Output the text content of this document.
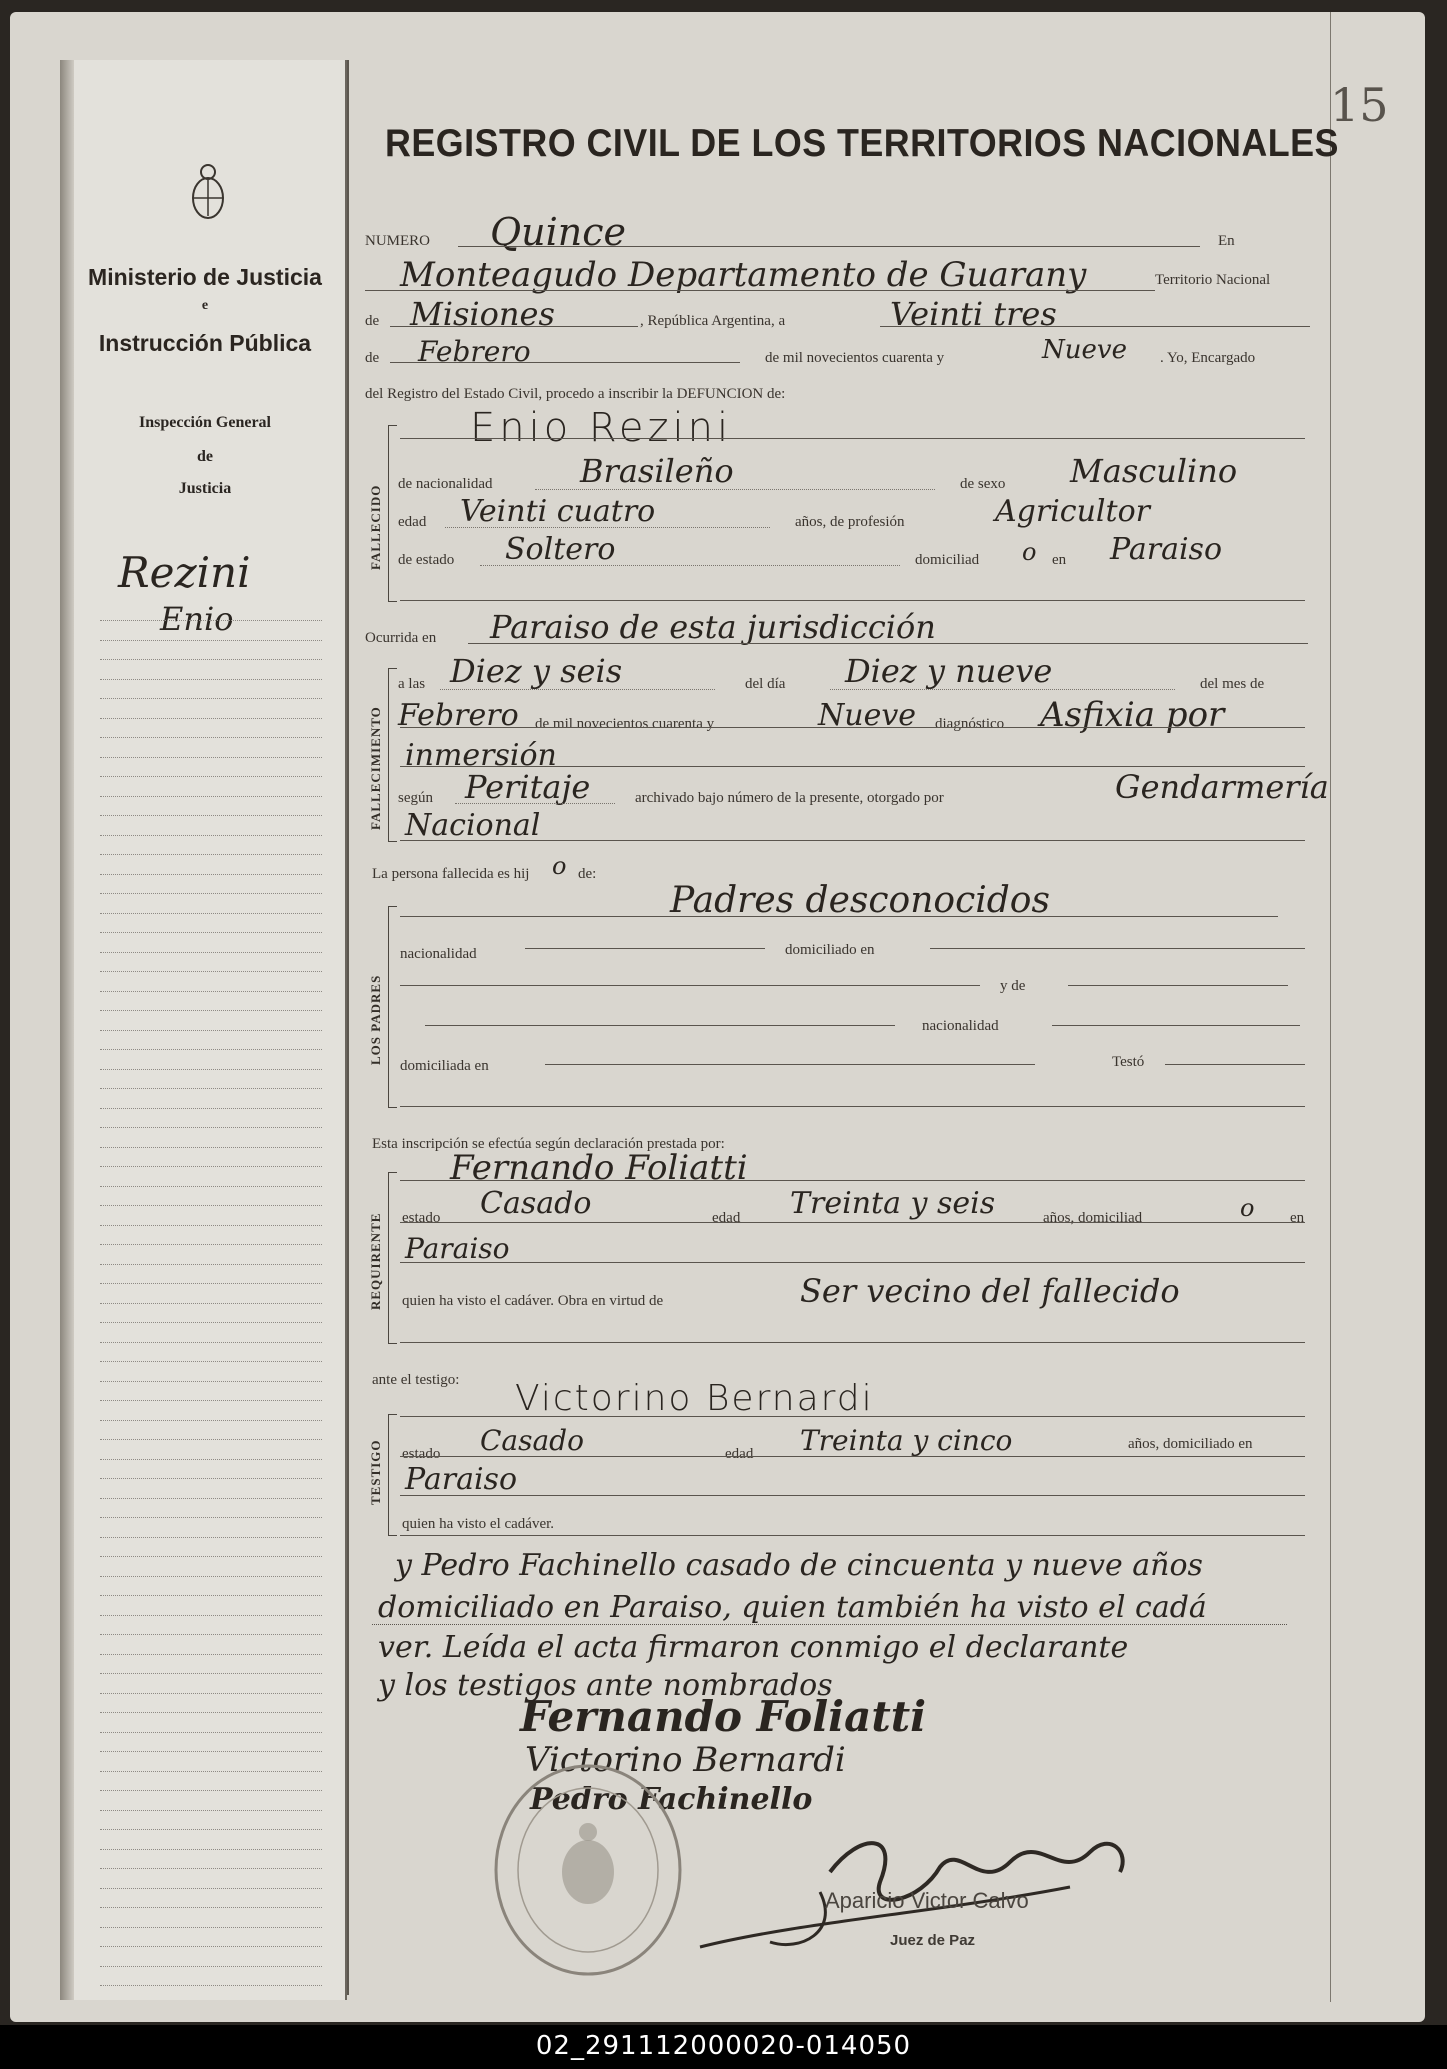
Ministerio de Justicia
e
Instrucción Pública
Inspección General
de
Justicia
Rezini
Enio
15
REGISTRO CIVIL DE LOS TERRITORIOS NACIONALES
NUMERO Quince	En
Monteagudo Departamento de Guarany	Territorio Nacional
de Misiones	, República Argentina, a	Veinti tres
de Febrero	de mil novecientos cuarenta y	Nueve . Yo, Encargado
del Registro del Estado Civil, procedo a inscribir la DEFUNCION de:
FALLECIDO
Enio Rezini
de nacionalidad	Brasileño	de sexo Masculino
edad Veinti cuatro	años, de profesión	Agricultor
de estado Soltero	domiciliad o en Paraiso
Ocurrida en Paraiso de esta jurisdicción
FALLECIMIENTO
a las Diez y seis	del día Diez y nueve	del mes de
Febrero de mil novecientos cuarenta y	Nueve diagnóstico Asfixia por
inmersión
según Peritaje	archivado bajo número de la presente, otorgado por	Gendarmería
Nacional
La persona fallecida es hij o de:
LOS PADRES
Padres desconocidos
nacionalidad	domiciliado en
y de
nacionalidad
domiciliada en	Testó
Esta inscripción se efectúa según declaración prestada por:
REQUIRENTE
Fernando Foliatti
estado Casado	edad Treinta y seis	años, domiciliad	o en
Paraiso
quien ha visto el cadáver. Obra en virtud de	Ser vecino del fallecido
ante el testigo:
TESTIGO
Victorino Bernardi
estado Casado	edad Treinta y cinco	años, domiciliado en
Paraiso
quien ha visto el cadáver.
y Pedro Fachinello casado de cincuenta y nueve años
domiciliado en Paraiso, quien también ha visto el cadá
ver. Leída el acta firmaron conmigo el declarante
y los testigos ante nombrados
Fernando Foliatti
Victorino Bernardi
Pedro Fachinello
Aparicio Victor Calvo
Juez de Paz
02_291112000020-014050
